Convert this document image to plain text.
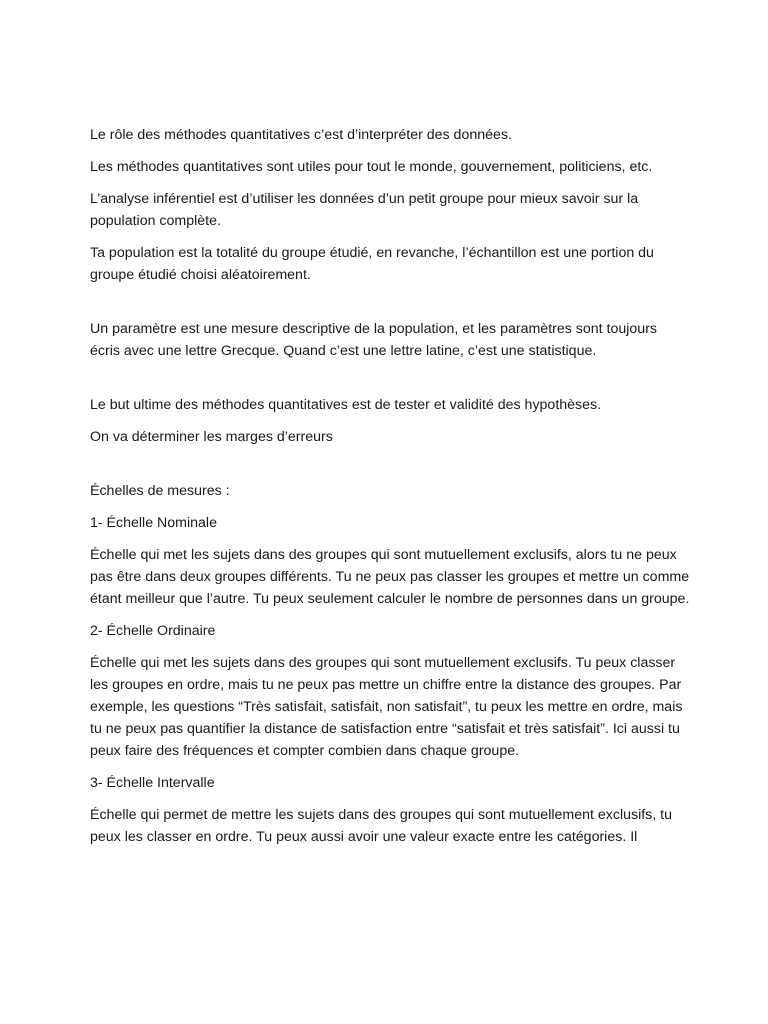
Le rôle des méthodes quantitatives c’est d’interpréter des données.

Les méthodes quantitatives sont utiles pour tout le monde, gouvernement, politiciens, etc.

L’analyse inférentiel est d’utiliser les données d’un petit groupe pour mieux savoir sur la population complète.

Ta population est la totalité du groupe étudié, en revanche, l’échantillon est une portion du groupe étudié choisi aléatoirement.

Un paramètre est une mesure descriptive de la population, et les paramètres sont toujours écris avec une lettre Grecque. Quand c’est une lettre latine, c’est une statistique.

Le but ultime des méthodes quantitatives est de tester et validité des hypothèses.

On va déterminer les marges d’erreurs

Échelles de mesures :

1- Échelle Nominale

Échelle qui met les sujets dans des groupes qui sont mutuellement exclusifs, alors tu ne peux pas être dans deux groupes différents. Tu ne peux pas classer les groupes et mettre un comme étant meilleur que l’autre. Tu peux seulement calculer le nombre de personnes dans un groupe.

2- Échelle Ordinaire

Échelle qui met les sujets dans des groupes qui sont mutuellement exclusifs. Tu peux classer les groupes en ordre, mais tu ne peux pas mettre un chiffre entre la distance des groupes. Par exemple, les questions “Très satisfait, satisfait, non satisfait”, tu peux les mettre en ordre, mais tu ne peux pas quantifier la distance de satisfaction entre “satisfait et très satisfait”. Ici aussi tu peux faire des fréquences et compter combien dans chaque groupe.

3- Échelle Intervalle

Échelle qui permet de mettre les sujets dans des groupes qui sont mutuellement exclusifs, tu peux les classer en ordre. Tu peux aussi avoir une valeur exacte entre les catégories. Il
